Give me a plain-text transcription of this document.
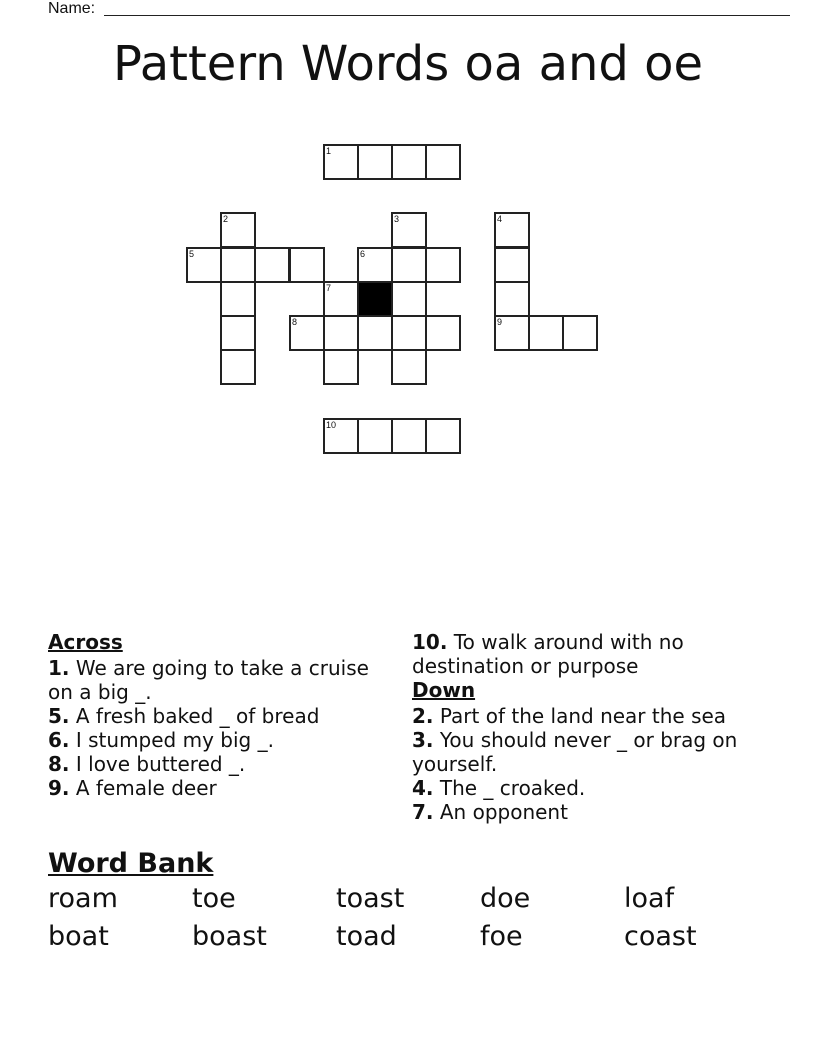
Name:
Pattern Words oa and oe
1
2	3	4
5	6
7
8	9
10
Across

1. We are going to take a cruise on a big _.

5. A fresh baked _ of bread

6. I stumped my big _.

8. I love buttered _.

9. A female deer

10. To walk around with no destination or purpose

Down

2. Part of the land near the sea

3. You should never _ or brag on yourself.

4. The _ croaked.

7. An opponent

Word Bank
roam	toe	toast	doe	loaf
boat	boast	toad	foe	coast
